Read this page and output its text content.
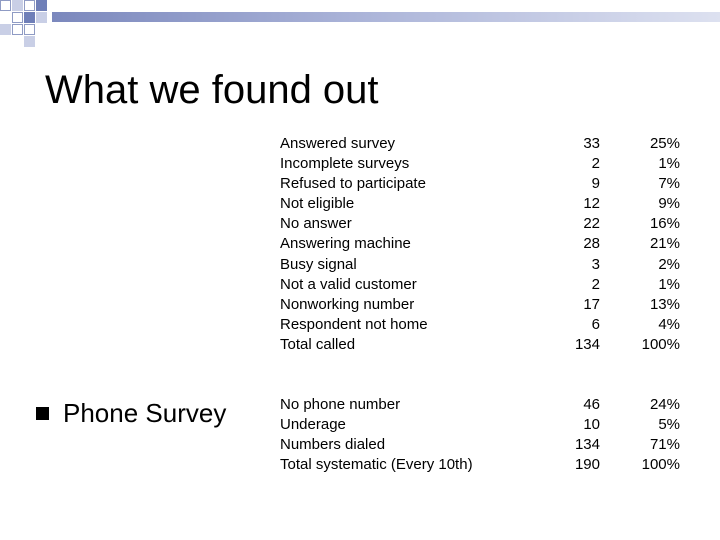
What we found out
Phone Survey
Answered survey	33	25%
Incomplete surveys	2	1%
Refused to participate	9	7%
Not eligible	12	9%
No answer	22	16%
Answering machine	28	21%
Busy signal	3	2%
Not a valid customer	2	1%
Nonworking number	17	13%
Respondent not home	6	4%
Total called	134	100%
No phone number	46	24%
Underage	10	5%
Numbers dialed	134	71%
Total systematic (Every 10th)	190	100%
